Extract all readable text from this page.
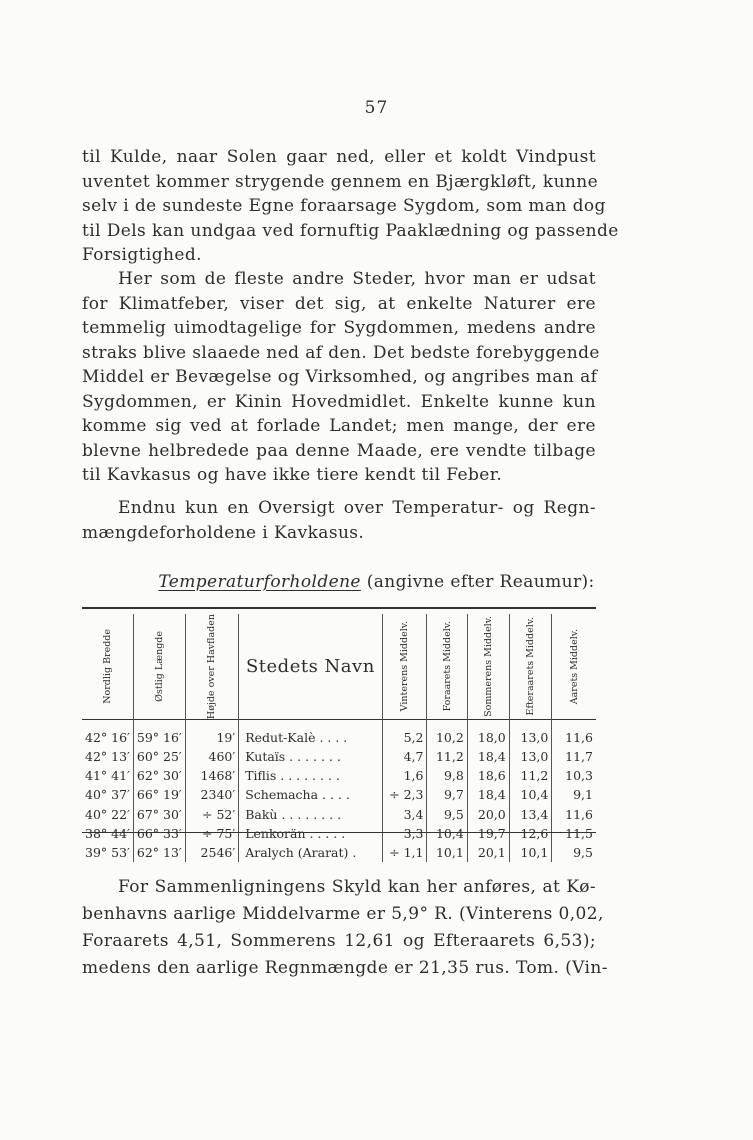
57
til Kulde, naar Solen gaar ned, eller et koldt Vindpust
uventet kommer strygende gennem en Bjærgkløft, kunne
selv i de sundeste Egne foraarsage Sygdom, som man dog
til Dels kan undgaa ved fornuftig Paaklædning og passende
Forsigtighed.
Her som de fleste andre Steder, hvor man er udsat
for Klimatfeber, viser det sig, at enkelte Naturer ere
temmelig uimodtagelige for Sygdommen, medens andre
straks blive slaaede ned af den. Det bedste forebyggende
Middel er Bevægelse og Virksomhed, og angribes man af
Sygdommen, er Kinin Hovedmidlet. Enkelte kunne kun
komme sig ved at forlade Landet; men mange, der ere
blevne helbredede paa denne Maade, ere vendte tilbage
til Kavkasus og have ikke tiere kendt til Feber.
Endnu kun en Oversigt over Temperatur- og Regn-
mængdeforholdene i Kavkasus.
Temperaturforholdene (angivne efter Reaumur):
Nordlig Bredde	Østlig Længde	Højde over Havfladen	Stedets Navn	Vinterens Middelv.	Foraarets Middelv.	Sommerens Middelv.	Efteraarets Middelv.	Aarets Middelv.

42° 16′	59° 16′	19′	Redut-Kalè . . . .	5,2	10,2	18,0	13,0	11,6
42° 13′	60° 25′	460′	Kutaïs . . . . . . .	4,7	11,2	18,4	13,0	11,7
41° 41′	62° 30′	1468′	Tiflis . . . . . . . .	1,6	9,8	18,6	11,2	10,3
40° 37′	66° 19′	2340′	Schemacha . . . .	÷ 2,3	9,7	18,4	10,4	9,1
40° 22′	67° 30′	÷ 52′	Bakù . . . . . . . .	3,4	9,5	20,0	13,4	11,6
38° 44′	66° 33′	÷ 75′	Lenkorän . . . . .	3,3	10,4	19,7	12,6	11,5
39° 53′	62° 13′	2546′	Aralych (Ararat) .	÷ 1,1	10,1	20,1	10,1	9,5
For Sammenligningens Skyld kan her anføres, at Kø-
benhavns aarlige Middelvarme er 5,9° R. (Vinterens 0,02,
Foraarets 4,51, Sommerens 12,61 og Efteraarets 6,53);
medens den aarlige Regnmængde er 21,35 rus. Tom. (Vin-
